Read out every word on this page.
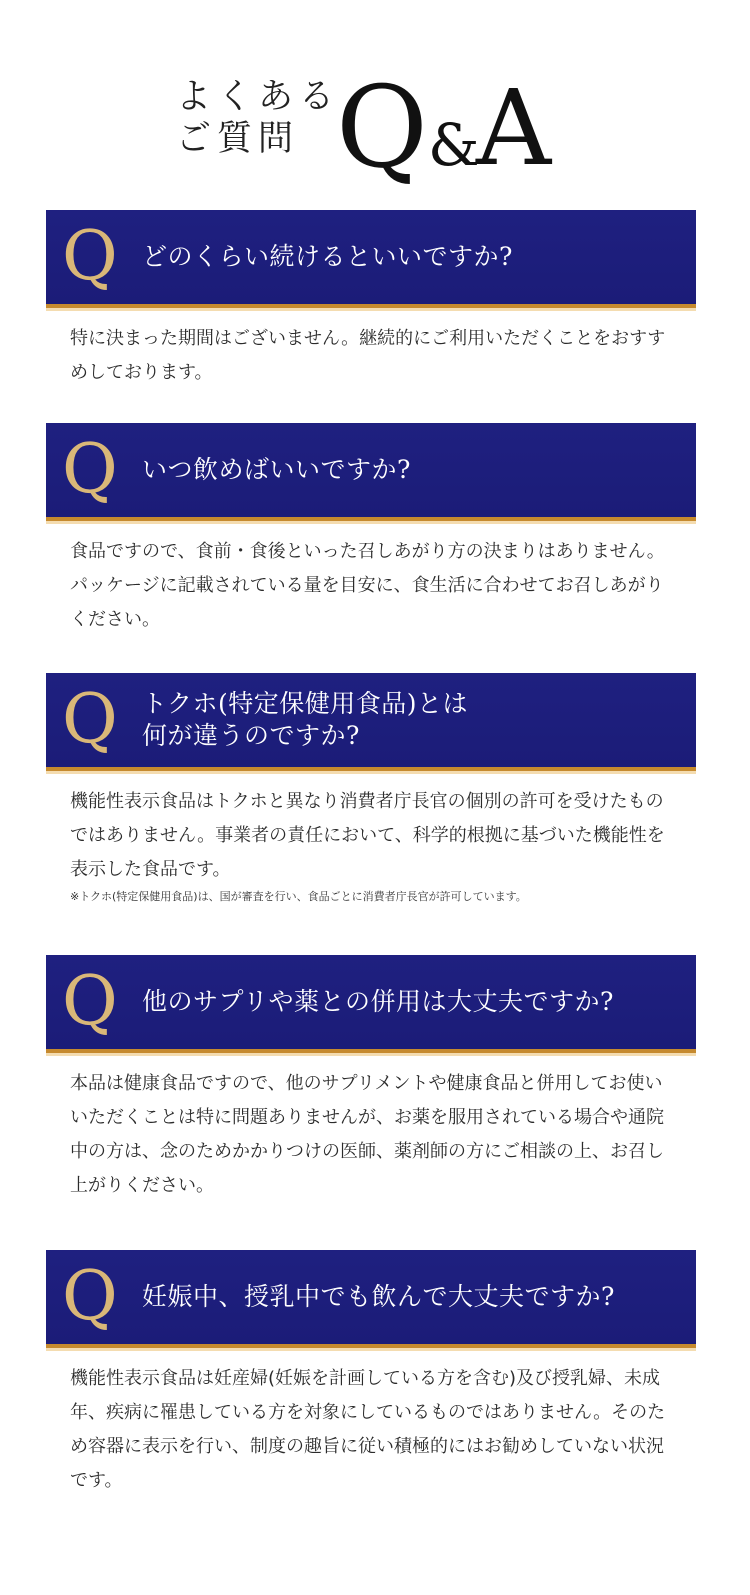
よくある
ご質問 Q &
A
Q どのくらい続けるといいですか?
特に決まった期間はございません。継続的にご利用いただくことをおすすめしております。
Q いつ飲めばいいですか?
食品ですので、食前・食後といった召しあがり方の決まりはありません。パッケージに記載されている量を目安に、食生活に合わせてお召しあがりください。
Q トクホ(特定保健用食品)とは
何が違うのですか?
機能性表示食品はトクホと異なり消費者庁長官の個別の許可を受けたものではありません。事業者の責任において、科学的根拠に基づいた機能性を表示した食品です。
※トクホ(特定保健用食品)は、国が審査を行い、食品ごとに消費者庁長官が許可しています。
Q 他のサプリや薬との併用は大丈夫ですか?
本品は健康食品ですので、他のサプリメントや健康食品と併用してお使いいただくことは特に問題ありませんが、お薬を服用されている場合や通院中の方は、念のためかかりつけの医師、薬剤師の方にご相談の上、お召し上がりください。
Q 妊娠中、授乳中でも飲んで大丈夫ですか?
機能性表示食品は妊産婦(妊娠を計画している方を含む)及び授乳婦、未成年、疾病に罹患している方を対象にしているものではありません。そのため容器に表示を行い、制度の趣旨に従い積極的にはお勧めしていない状況です。
